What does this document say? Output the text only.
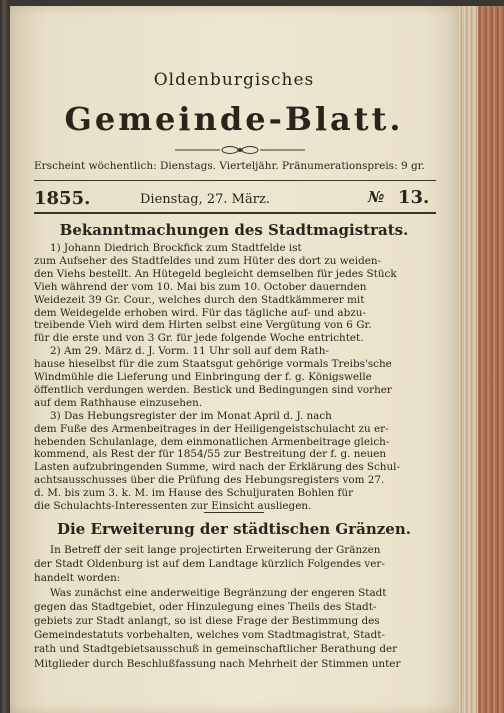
Oldenburgisches
Gemeinde-Blatt.
Erscheint wöchentlich: Dienstags. Vierteljähr. Pränumerationspreis: 9 gr.
1855.	Dienstag, 27. März.	№ 13.
Bekanntmachungen des Stadtmagistrats.
1) Johann Diedrich Brockfick zum Stadtfelde ist
zum Aufseher des Stadtfeldes und zum Hüter des dort zu weiden-
den Viehs bestellt. An Hütegeld begleicht demselben für jedes Stück
Vieh während der vom 10. Mai bis zum 10. October dauernden
Weidezeit 39 Gr. Cour., welches durch den Stadtkämmerer mit
dem Weidegelde erhoben wird. Für das tägliche auf- und abzu-
treibende Vieh wird dem Hirten selbst eine Vergütung von 6 Gr.
für die erste und von 3 Gr. für jede folgende Woche entrichtet.
2) Am 29. März d. J. Vorm. 11 Uhr soll auf dem Rath-
hause hieselbst für die zum Staatsgut gehörige vormals Treibs'sche
Windmühle die Lieferung und Einbringung der f. g. Königswelle
öffentlich verdungen werden. Bestick und Bedingungen sind vorher
auf dem Rathhause einzusehen.
3) Das Hebungsregister der im Monat April d. J. nach
dem Fuße des Armenbeitrages in der Heiligengeistschulacht zu er-
hebenden Schulanlage, dem einmonatlichen Armenbeitrage gleich-
kommend, als Rest der für 1854/55 zur Bestreitung der f. g. neuen
Lasten aufzubringenden Summe, wird nach der Erklärung des Schul-
achtsausschusses über die Prüfung des Hebungsregisters vom 27.
d. M. bis zum 3. k. M. im Hause des Schuljuraten Bohlen für
die Schulachts-Interessenten zur Einsicht ausliegen.
Die Erweiterung der städtischen Gränzen.
In Betreff der seit lange projectirten Erweiterung der Gränzen
der Stadt Oldenburg ist auf dem Landtage kürzlich Folgendes ver-
handelt worden:
Was zunächst eine anderweitige Begränzung der engeren Stadt
gegen das Stadtgebiet, oder Hinzulegung eines Theils des Stadt-
gebiets zur Stadt anlangt, so ist diese Frage der Bestimmung des
Gemeindestatuts vorbehalten, welches vom Stadtmagistrat, Stadt-
rath und Stadtgebietsausschuß in gemeinschaftlicher Berathung der
Mitglieder durch Beschlußfassung nach Mehrheit der Stimmen unter
